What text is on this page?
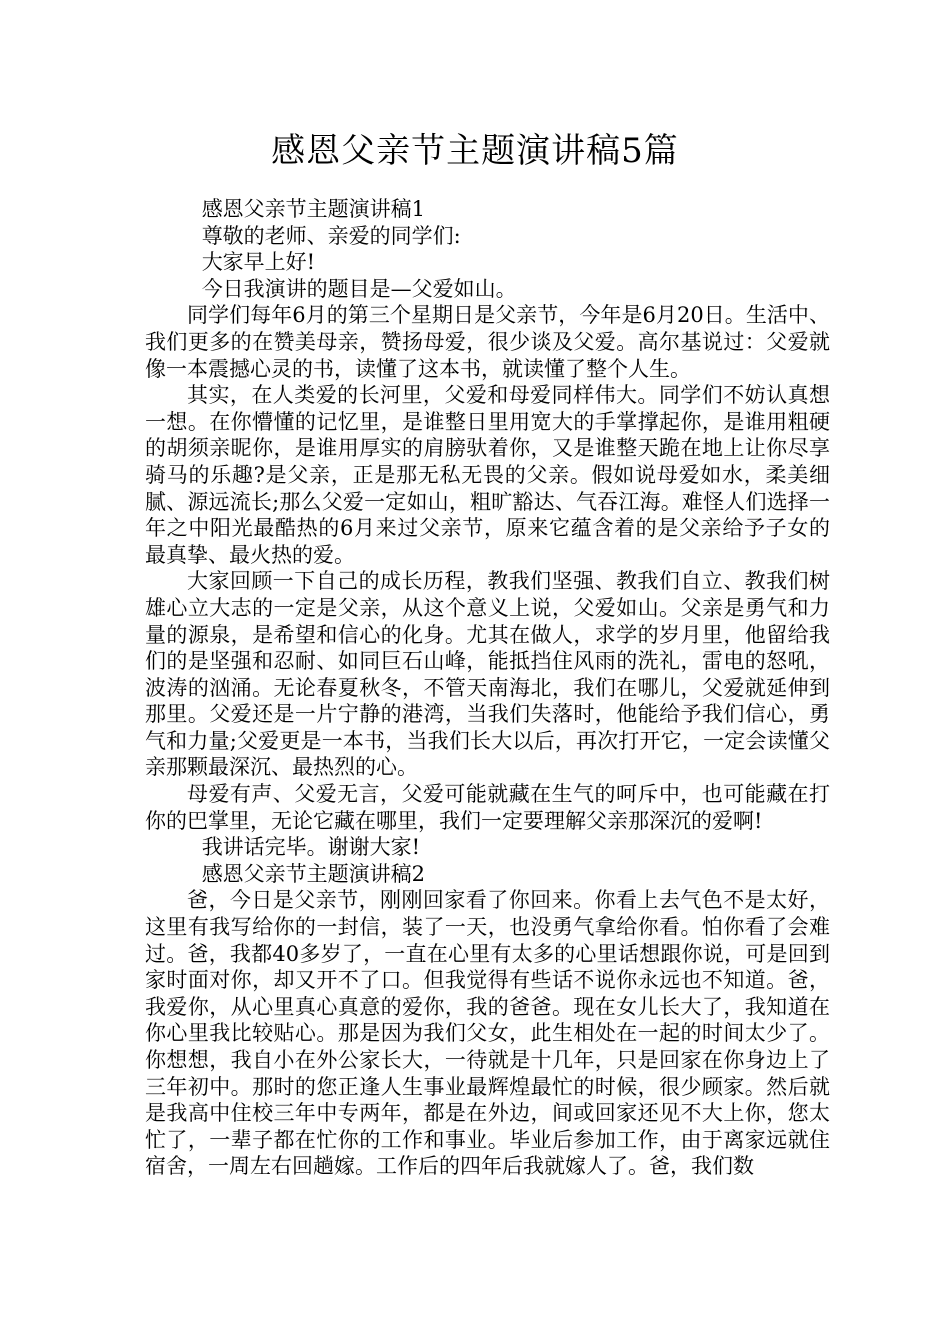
感恩父亲节主题演讲稿5篇

感恩父亲节主题演讲稿1

尊敬的老师、亲爱的同学们:

大家早上好!

今日我演讲的题目是—父爱如山。

同学们每年6月的第三个星期日是父亲节，今年是6月20日。生活中、我们更多的在赞美母亲，赞扬母爱，很少谈及父爱。高尔基说过：父爱就像一本震撼心灵的书，读懂了这本书，就读懂了整个人生。

其实，在人类爱的长河里，父爱和母爱同样伟大。同学们不妨认真想一想。在你懵懂的记忆里，是谁整日里用宽大的手掌撑起你，是谁用粗硬的胡须亲昵你，是谁用厚实的肩膀驮着你，又是谁整天跪在地上让你尽享骑马的乐趣?是父亲，正是那无私无畏的父亲。假如说母爱如水，柔美细腻、源远流长;那么父爱一定如山，粗旷豁达、气吞江海。难怪人们选择一年之中阳光最酷热的6月来过父亲节，原来它蕴含着的是父亲给予子女的最真挚、最火热的爱。

大家回顾一下自己的成长历程，教我们坚强、教我们自立、教我们树雄心立大志的一定是父亲，从这个意义上说，父爱如山。父亲是勇气和力量的源泉，是希望和信心的化身。尤其在做人，求学的岁月里，他留给我们的是坚强和忍耐、如同巨石山峰，能抵挡住风雨的洗礼，雷电的怒吼，波涛的汹涌。无论春夏秋冬，不管天南海北，我们在哪儿，父爱就延伸到那里。父爱还是一片宁静的港湾，当我们失落时，他能给予我们信心，勇气和力量;父爱更是一本书，当我们长大以后，再次打开它，一定会读懂父亲那颗最深沉、最热烈的心。

母爱有声、父爱无言，父爱可能就藏在生气的呵斥中，也可能藏在打你的巴掌里，无论它藏在哪里，我们一定要理解父亲那深沉的爱啊!

我讲话完毕。谢谢大家!

感恩父亲节主题演讲稿2

爸，今日是父亲节，刚刚回家看了你回来。你看上去气色不是太好，这里有我写给你的一封信，装了一天，也没勇气拿给你看。怕你看了会难过。爸，我都40多岁了，一直在心里有太多的心里话想跟你说，可是回到家时面对你，却又开不了口。但我觉得有些话不说你永远也不知道。爸，我爱你，从心里真心真意的爱你，我的爸爸。现在女儿长大了，我知道在你心里我比较贴心。那是因为我们父女，此生相处在一起的时间太少了。你想想，我自小在外公家长大，一待就是十几年，只是回家在你身边上了三年初中。那时的您正逢人生事业最辉煌最忙的时候，很少顾家。然后就是我高中住校三年中专两年，都是在外边，间或回家还见不大上你，您太忙了，一辈子都在忙你的工作和事业。毕业后参加工作，由于离家远就住宿舍，一周左右回趟嫁。工作后的四年后我就嫁人了。爸，我们数
